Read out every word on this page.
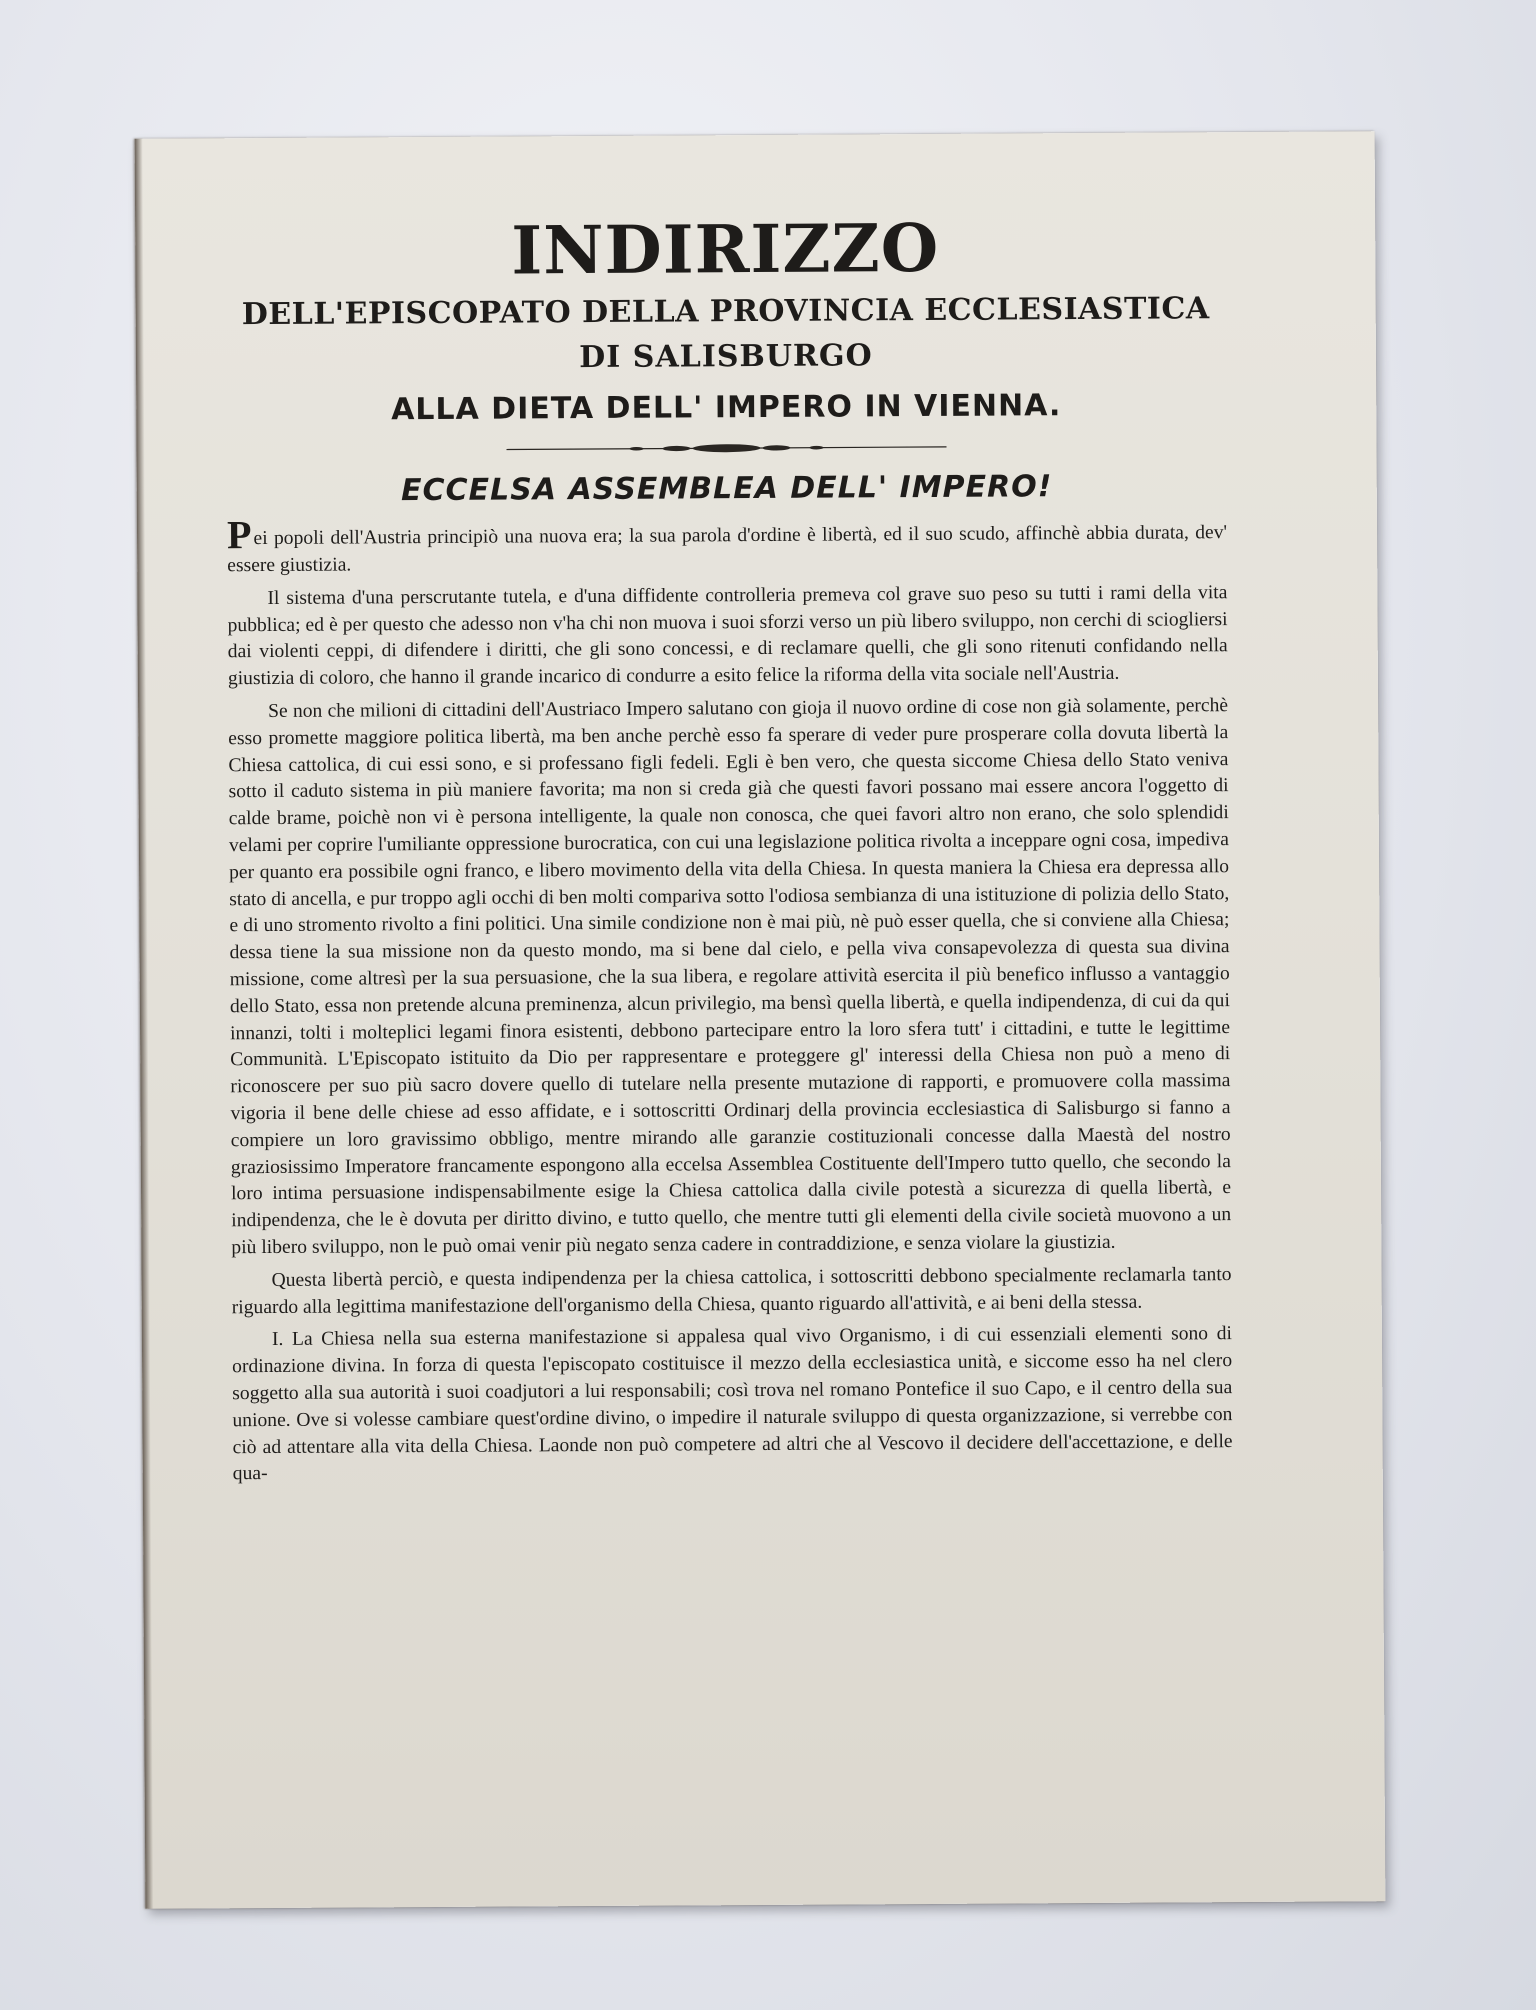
INDIRIZZO
DELL'EPISCOPATO DELLA PROVINCIA ECCLESIASTICA
DI SALISBURGO
ALLA DIETA DELL' IMPERO IN VIENNA.
ECCELSA ASSEMBLEA DELL' IMPERO!

Pei popoli dell'Austria principiò una nuova era; la sua parola d'ordine è libertà, ed il suo scudo, affinchè abbia durata, dev' essere giustizia.

Il sistema d'una perscrutante tutela, e d'una diffidente controlleria premeva col grave suo peso su tutti i rami della vita pubblica; ed è per questo che adesso non v'ha chi non muova i suoi sforzi verso un più libero sviluppo, non cerchi di sciogliersi dai violenti ceppi, di difendere i diritti, che gli sono concessi, e di reclamare quelli, che gli sono ritenuti confidando nella giustizia di coloro, che hanno il grande incarico di condurre a esito felice la riforma della vita sociale nell'Austria.

Se non che milioni di cittadini dell'Austriaco Impero salutano con gioja il nuovo ordine di cose non già solamente, perchè esso promette maggiore politica libertà, ma ben anche perchè esso fa sperare di veder pure prosperare colla dovuta libertà la Chiesa cattolica, di cui essi sono, e si professano figli fedeli. Egli è ben vero, che questa siccome Chiesa dello Stato veniva sotto il caduto sistema in più maniere favorita; ma non si creda già che questi favori possano mai essere ancora l'oggetto di calde brame, poichè non vi è persona intelligente, la quale non conosca, che quei favori altro non erano, che solo splendidi velami per coprire l'umiliante oppressione burocratica, con cui una legislazione politica rivolta a inceppare ogni cosa, impediva per quanto era possibile ogni franco, e libero movimento della vita della Chiesa. In questa maniera la Chiesa era depressa allo stato di ancella, e pur troppo agli occhi di ben molti compariva sotto l'odiosa sembianza di una istituzione di polizia dello Stato, e di uno stromento rivolto a fini politici. Una simile condizione non è mai più, nè può esser quella, che si conviene alla Chiesa; dessa tiene la sua missione non da questo mondo, ma si bene dal cielo, e pella viva consapevolezza di questa sua divina missione, come altresì per la sua persuasione, che la sua libera, e regolare attività esercita il più benefico influsso a vantaggio dello Stato, essa non pretende alcuna preminenza, alcun privilegio, ma bensì quella libertà, e quella indipendenza, di cui da qui innanzi, tolti i molteplici legami finora esistenti, debbono partecipare entro la loro sfera tutt' i cittadini, e tutte le legittime Communità. L'Episcopato istituito da Dio per rappresentare e proteggere gl' interessi della Chiesa non può a meno di riconoscere per suo più sacro dovere quello di tutelare nella presente mutazione di rapporti, e promuovere colla massima vigoria il bene delle chiese ad esso affidate, e i sottoscritti Ordinarj della provincia ecclesiastica di Salisburgo si fanno a compiere un loro gravissimo obbligo, mentre mirando alle garanzie costituzionali concesse dalla Maestà del nostro graziosissimo Imperatore francamente espongono alla eccelsa Assemblea Costituente dell'Impero tutto quello, che secondo la loro intima persuasione indispensabilmente esige la Chiesa cattolica dalla civile potestà a sicurezza di quella libertà, e indipendenza, che le è dovuta per diritto divino, e tutto quello, che mentre tutti gli elementi della civile società muovono a un più libero sviluppo, non le può omai venir più negato senza cadere in contraddizione, e senza violare la giustizia.

Questa libertà perciò, e questa indipendenza per la chiesa cattolica, i sottoscritti debbono specialmente reclamarla tanto riguardo alla legittima manifestazione dell'organismo della Chiesa, quanto riguardo all'attività, e ai beni della stessa.

I. La Chiesa nella sua esterna manifestazione si appalesa qual vivo Organismo, i di cui essenziali elementi sono di ordinazione divina. In forza di questa l'episcopato costituisce il mezzo della ecclesiastica unità, e siccome esso ha nel clero soggetto alla sua autorità i suoi coadjutori a lui responsabili; così trova nel romano Pontefice il suo Capo, e il centro della sua unione. Ove si volesse cambiare quest'ordine divino, o impedire il naturale sviluppo di questa organizzazione, si verrebbe con ciò ad attentare alla vita della Chiesa. Laonde non può competere ad altri che al Vescovo il decidere dell'accettazione, e delle qua-
